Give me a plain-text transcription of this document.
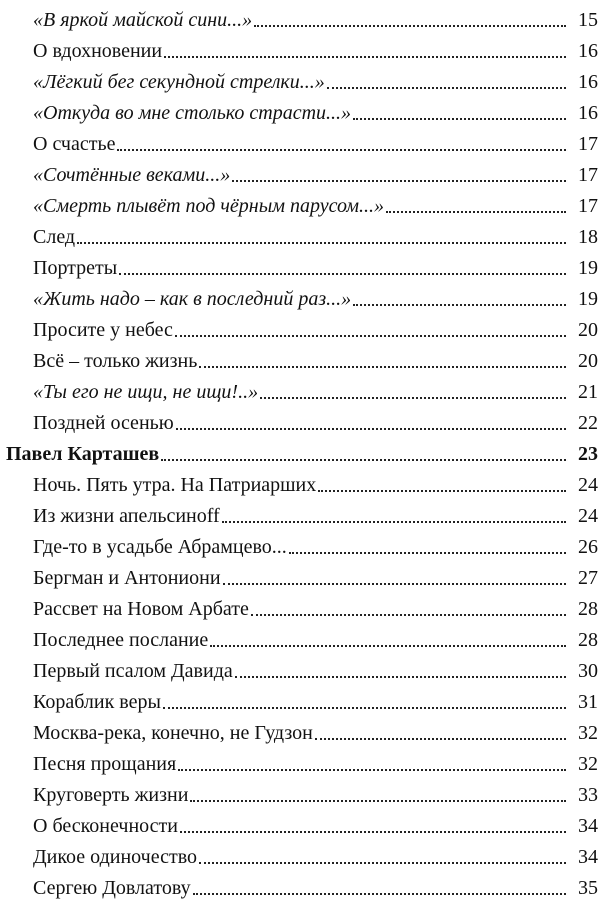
«В яркой майской сини...»	15
О вдохновении	16
«Лёгкий бег секундной стрелки...»	16
«Откуда во мне столько страсти...»	16
О счастье	17
«Сочтённые веками...»	17
«Смерть плывёт под чёрным парусом...»	17
След	18
Портреты	19
«Жить надо – как в последний раз...»	19
Просите у небес	20
Всё – только жизнь	20
«Ты его не ищи, не ищи!..»	21
Поздней осенью	22
Павел Карташев	23
Ночь. Пять утра. На Патриарших	24
Из жизни апельсиноff	24
Где-то в усадьбе Абрамцево...	26
Бергман и Антониони	27
Рассвет на Новом Арбате	28
Последнее послание	28
Первый псалом Давида	30
Кораблик веры	31
Москва-река, конечно, не Гудзон	32
Песня прощания	32
Круговерть жизни	33
О бесконечности	34
Дикое одиночество	34
Сергею Довлатову	35
